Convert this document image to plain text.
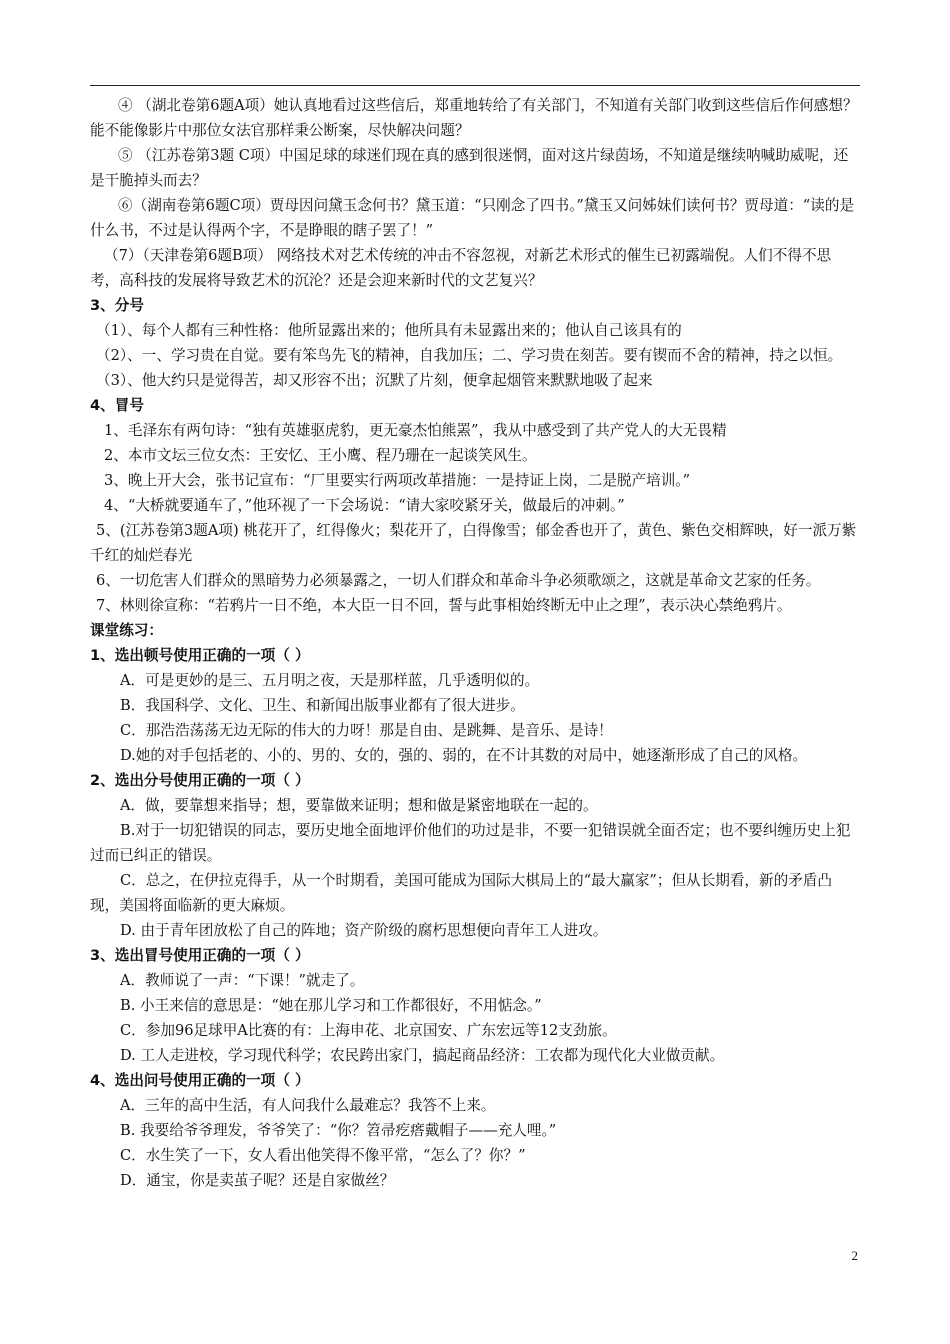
④ （湖北卷第6题A项）她认真地看过这些信后，郑重地转给了有关部门，不知道有关部门收到这些信后作何感想？能不能像影片中那位女法官那样秉公断案，尽快解决问题？

⑤ （江苏卷第3题 C项）中国足球的球迷们现在真的感到很迷惘，面对这片绿茵场，不知道是继续呐喊助威呢，还是干脆掉头而去？

⑥（湖南卷第6题C项）贾母因问黛玉念何书？黛玉道：“只刚念了四书。”黛玉又问姊妹们读何书？贾母道：“读的是什么书，不过是认得两个字，不是睁眼的瞎子罢了！”

（7）（天津卷第6题B项） 网络技术对艺术传统的冲击不容忽视，对新艺术形式的催生已初露端倪。人们不得不思考，高科技的发展将导致艺术的沉沦？还是会迎来新时代的文艺复兴？

3、分号

（1）、每个人都有三种性格：他所显露出来的；他所具有未显露出来的；他认自己该具有的

（2）、一、学习贵在自觉。要有笨鸟先飞的精神，自我加压；二、学习贵在刻苦。要有锲而不舍的精神，持之以恒。

（3）、他大约只是觉得苦，却又形容不出；沉默了片刻，便拿起烟管来默默地吸了起来

4、冒号

1、毛泽东有两句诗：“独有英雄驱虎豹，更无豪杰怕熊罴”，我从中感受到了共产党人的大无畏精

2、本市文坛三位女杰：王安忆、王小鹰、程乃珊在一起谈笑风生。

3、晚上开大会，张书记宣布：“厂里要实行两项改革措施：一是持证上岗，二是脱产培训。”

4、“大桥就要通车了，”他环视了一下会场说：“请大家咬紧牙关，做最后的冲刺。”

5、(江苏卷第3题A项) 桃花开了，红得像火；梨花开了，白得像雪；郁金香也开了，黄色、紫色交相辉映，好一派万紫千红的灿烂春光

6、一切危害人们群众的黑暗势力必须暴露之，一切人们群众和革命斗争必须歌颂之，这就是革命文艺家的任务。

7、林则徐宣称：“若鸦片一日不绝，本大臣一日不回，誓与此事相始终断无中止之理”，表示决心禁绝鸦片。

课堂练习：

1、选出顿号使用正确的一项（ ）

A．可是更妙的是三、五月明之夜，天是那样蓝，几乎透明似的。

B．我国科学、文化、卫生、和新闻出版事业都有了很大进步。

C．那浩浩荡荡无边无际的伟大的力呀！那是自由、是跳舞、是音乐、是诗！

D.她的对手包括老的、小的、男的、女的，强的、弱的，在不计其数的对局中，她逐渐形成了自己的风格。

2、选出分号使用正确的一项（ ）

A．做，要靠想来指导；想，要靠做来证明；想和做是紧密地联在一起的。

B.对于一切犯错误的同志，要历史地全面地评价他们的功过是非，不要一犯错误就全面否定；也不要纠缠历史上犯过而已纠正的错误。

C．总之，在伊拉克得手，从一个时期看，美国可能成为国际大棋局上的“最大赢家”；但从长期看，新的矛盾凸现，美国将面临新的更大麻烦。

D. 由于青年团放松了自己的阵地；资产阶级的腐朽思想便向青年工人进攻。

3、选出冒号使用正确的一项（ ）

A．教师说了一声：“下课！”就走了。

B. 小王来信的意思是：“她在那儿学习和工作都很好，不用惦念。”

C．参加96足球甲A比赛的有：上海申花、北京国安、广东宏远等12支劲旅。

D. 工人走进校，学习现代科学；农民跨出家门，搞起商品经济：工农都为现代化大业做贡献。

4、选出问号使用正确的一项（ ）

A．三年的高中生活，有人问我什么最难忘？我答不上来。

B. 我要给爷爷理发，爷爷笑了：“你？笤帚疙瘩戴帽子——充人哩。”

C．水生笑了一下，女人看出他笑得不像平常，“怎么了？你？”

D．通宝，你是卖茧子呢？还是自家做丝？

2
